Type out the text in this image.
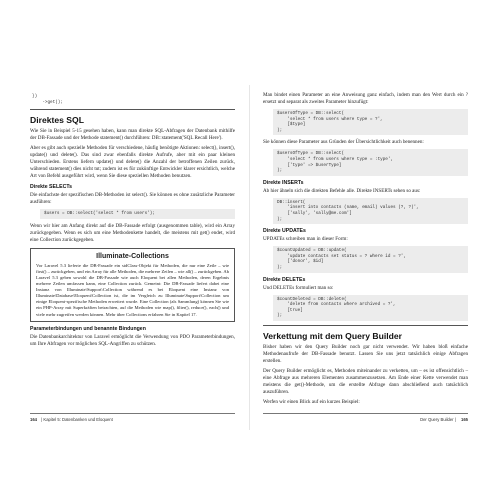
})
->get();
Direktes SQL

Wie Sie in Beispiel 5-15 gesehen haben, kann man direkte SQL-Abfragen der Datenbank mithilfe der DB-Fassade und der Methode statement() durchführen: DB::statement('SQL Recall Here').

Aber es gibt auch spezielle Methoden für verschiedene, häufig benötigte Aktionen: select(), insert(), update() und delete(). Das sind zwar ebenfalls direkte Aufrufe, aber mit ein paar kleinen Unterschieden. Erstens liefern update() und delete() die Anzahl der betroffenen Zeilen zurück, während statement() dies nicht tut; zudem ist es für zukünftige Entwickler klarer ersichtlich, welche Art von Befehl ausgeführt wird, wenn Sie diese speziellen Methoden benutzen.

Direkte SELECTs

Die einfachste der spezifischen DB-Methoden ist select(). Sie können es ohne zusätzliche Parameter ausführen:

$users = DB::select('select * from users');

Wenn wir hier am Anfang direkt auf die DB-Fassade erfolgt (ausgenommen table), wird ein Array zurückgegeben. Wenn es sich um eine Methodenkette handelt, die meistens mit get() endet, wird eine Collection zurückgegeben.

Illuminate-Collections

Vor Laravel 5.3 lieferte die DB-Fassade ein stdClass-Objekt für Methoden, die nur eine Zeile – wie first() – zurückgeben, und ein Array für alle Methoden, die mehrere Zeilen – wie all() – zurückgeben. Ab Laravel 5.3 geben sowohl die DB-Fassade wie auch Eloquent bei allen Methoden, deren Ergebnis mehrere Zeilen umfassen kann, eine Collection zurück. Gemeint: Die DB-Fassade liefert dabei eine Instanz von Illuminate\Support\Collection während es bei Eloquent eine Instanz von Illuminate\Database\Eloquent\Collection ist, die im Vergleich zu Illuminate\Support\Collection um einige Eloquent-spezifische Methoden erweitert wurde. Eine Collection (als Sammlung) können Sie wie ein PHP-Array mit Superkräften betrachten, auf die Methoden wie map(), filter(), reduce(), each() und viele mehr zugreifen werden können. Mehr über Collections erfahren Sie in Kapitel 17.

Parameterbindungen und benannte Bindungen

Die Datenbankarchitektur von Laravel ermöglicht die Verwendung von PDO Parameterbindungen, um Ihre Abfragen vor möglichen SQL-Angriffen zu schützen.

164 | Kapitel 5: Datenbanken und Eloquent

Man bindet einen Parameter an eine Anweisung ganz einfach, indem man den Wert durch ein ? ersetzt und separat als zweites Parameter hinzufügt:

$usersOfType = DB::select(
'select * from users where type = ?',
[$type]
);

Sie können diese Parameter aus Gründen der Übersichtlichkeit auch benennen:

$usersOfType = DB::select(
'select * from users where type = :type',
['type' => $userType]
);
Direkte INSERTs

Ab hier ähneln sich die direkten Befehle alle. Direkte INSERTs sehen so aus:

DB::insert(
'insert into contacts (name, email) values (?, ?)',
['sally', 'sally@me.com']
);
Direkte UPDATEs

UPDATEs schreiben man in dieser Form:

$countUpdated = DB::update(
'update contacts set status = ? where id = ?',
['donor', $id]
);
Direkte DELETEs

Und DELETEs formuliert man so:

$countDeleted = DB::delete(
'delete from contacts where archived = ?',
[true]
);
Verkettung mit dem Query Builder

Bisher haben wir den Query Builder noch gar nicht verwendet. Wir haben bloß einfache Methodenaufrufe der DB-Fassade benutzt. Lassen Sie uns jetzt tatsächlich einige Abfragen erstellen.

Der Query Builder ermöglicht es, Methoden miteinander zu verketten, um – es ist offensichtlich – eine Abfrage aus mehreren Elementen zusammenzusetzen. Am Ende einer Kette verwendet man meistens die get()-Methode, um die erstellte Abfrage dann abschließend auch tatsächlich auszuführen.

Werfen wir einen Blick auf ein kurzes Beispiel:

Der Query Builder | 165
